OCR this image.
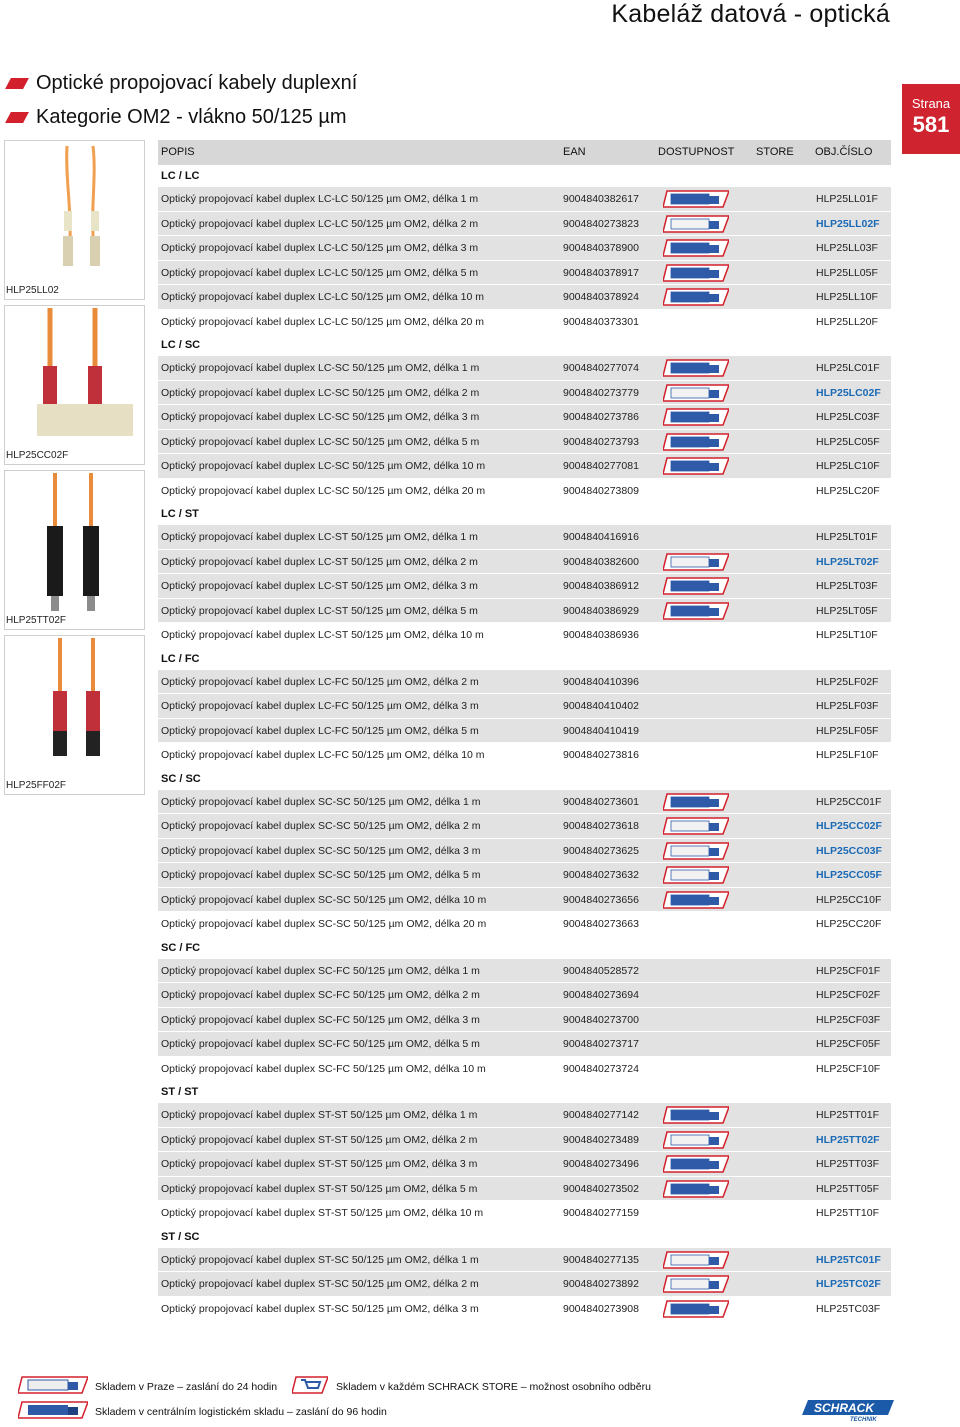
Kabeláž datová - optická
Optické propojovací kabely duplexní
Kategorie OM2 - vlákno 50/125 µm
Strana
581
HLP25LL02
HLP25CC02F
HLP25TT02F
HLP25FF02F
POPIS	EAN	DOSTUPNOST STORE OBJ.ČÍSLO
LC / LC
Optický propojovací kabel duplex LC-LC 50/125 µm OM2, délka 1 m	9004840382617	HLP25LL01F
Optický propojovací kabel duplex LC-LC 50/125 µm OM2, délka 2 m	9004840273823	HLP25LL02F
Optický propojovací kabel duplex LC-LC 50/125 µm OM2, délka 3 m	9004840378900	HLP25LL03F
Optický propojovací kabel duplex LC-LC 50/125 µm OM2, délka 5 m	9004840378917	HLP25LL05F
Optický propojovací kabel duplex LC-LC 50/125 µm OM2, délka 10 m	9004840378924	HLP25LL10F
Optický propojovací kabel duplex LC-LC 50/125 µm OM2, délka 20 m	9004840373301	HLP25LL20F
LC / SC
Optický propojovací kabel duplex LC-SC 50/125 µm OM2, délka 1 m	9004840277074	HLP25LC01F
Optický propojovací kabel duplex LC-SC 50/125 µm OM2, délka 2 m	9004840273779	HLP25LC02F
Optický propojovací kabel duplex LC-SC 50/125 µm OM2, délka 3 m	9004840273786	HLP25LC03F
Optický propojovací kabel duplex LC-SC 50/125 µm OM2, délka 5 m	9004840273793	HLP25LC05F
Optický propojovací kabel duplex LC-SC 50/125 µm OM2, délka 10 m	9004840277081	HLP25LC10F
Optický propojovací kabel duplex LC-SC 50/125 µm OM2, délka 20 m	9004840273809	HLP25LC20F
LC / ST
Optický propojovací kabel duplex LC-ST 50/125 µm OM2, délka 1 m	9004840416916	HLP25LT01F
Optický propojovací kabel duplex LC-ST 50/125 µm OM2, délka 2 m	9004840382600	HLP25LT02F
Optický propojovací kabel duplex LC-ST 50/125 µm OM2, délka 3 m	9004840386912	HLP25LT03F
Optický propojovací kabel duplex LC-ST 50/125 µm OM2, délka 5 m	9004840386929	HLP25LT05F
Optický propojovací kabel duplex LC-ST 50/125 µm OM2, délka 10 m	9004840386936	HLP25LT10F
LC / FC
Optický propojovací kabel duplex LC-FC 50/125 µm OM2, délka 2 m	9004840410396	HLP25LF02F
Optický propojovací kabel duplex LC-FC 50/125 µm OM2, délka 3 m	9004840410402	HLP25LF03F
Optický propojovací kabel duplex LC-FC 50/125 µm OM2, délka 5 m	9004840410419	HLP25LF05F
Optický propojovací kabel duplex LC-FC 50/125 µm OM2, délka 10 m	9004840273816	HLP25LF10F
SC / SC
Optický propojovací kabel duplex SC-SC 50/125 µm OM2, délka 1 m	9004840273601	HLP25CC01F
Optický propojovací kabel duplex SC-SC 50/125 µm OM2, délka 2 m	9004840273618	HLP25CC02F
Optický propojovací kabel duplex SC-SC 50/125 µm OM2, délka 3 m	9004840273625	HLP25CC03F
Optický propojovací kabel duplex SC-SC 50/125 µm OM2, délka 5 m	9004840273632	HLP25CC05F
Optický propojovací kabel duplex SC-SC 50/125 µm OM2, délka 10 m	9004840273656	HLP25CC10F
Optický propojovací kabel duplex SC-SC 50/125 µm OM2, délka 20 m	9004840273663	HLP25CC20F
SC / FC
Optický propojovací kabel duplex SC-FC 50/125 µm OM2, délka 1 m	9004840528572	HLP25CF01F
Optický propojovací kabel duplex SC-FC 50/125 µm OM2, délka 2 m	9004840273694	HLP25CF02F
Optický propojovací kabel duplex SC-FC 50/125 µm OM2, délka 3 m	9004840273700	HLP25CF03F
Optický propojovací kabel duplex SC-FC 50/125 µm OM2, délka 5 m	9004840273717	HLP25CF05F
Optický propojovací kabel duplex SC-FC 50/125 µm OM2, délka 10 m	9004840273724	HLP25CF10F
ST / ST
Optický propojovací kabel duplex ST-ST 50/125 µm OM2, délka 1 m	9004840277142	HLP25TT01F
Optický propojovací kabel duplex ST-ST 50/125 µm OM2, délka 2 m	9004840273489	HLP25TT02F
Optický propojovací kabel duplex ST-ST 50/125 µm OM2, délka 3 m	9004840273496	HLP25TT03F
Optický propojovací kabel duplex ST-ST 50/125 µm OM2, délka 5 m	9004840273502	HLP25TT05F
Optický propojovací kabel duplex ST-ST 50/125 µm OM2, délka 10 m	9004840277159	HLP25TT10F
ST / SC
Optický propojovací kabel duplex ST-SC 50/125 µm OM2, délka 1 m	9004840277135	HLP25TC01F
Optický propojovací kabel duplex ST-SC 50/125 µm OM2, délka 2 m	9004840273892	HLP25TC02F
Optický propojovací kabel duplex ST-SC 50/125 µm OM2, délka 3 m	9004840273908	HLP25TC03F
Skladem v Praze – zaslání do 24 hodin	Skladem v každém SCHRACK STORE – možnost osobního odběru
Skladem v centrálním logistickém skladu – zaslání do 96 hodin	SCHRACK
TECHNIK
